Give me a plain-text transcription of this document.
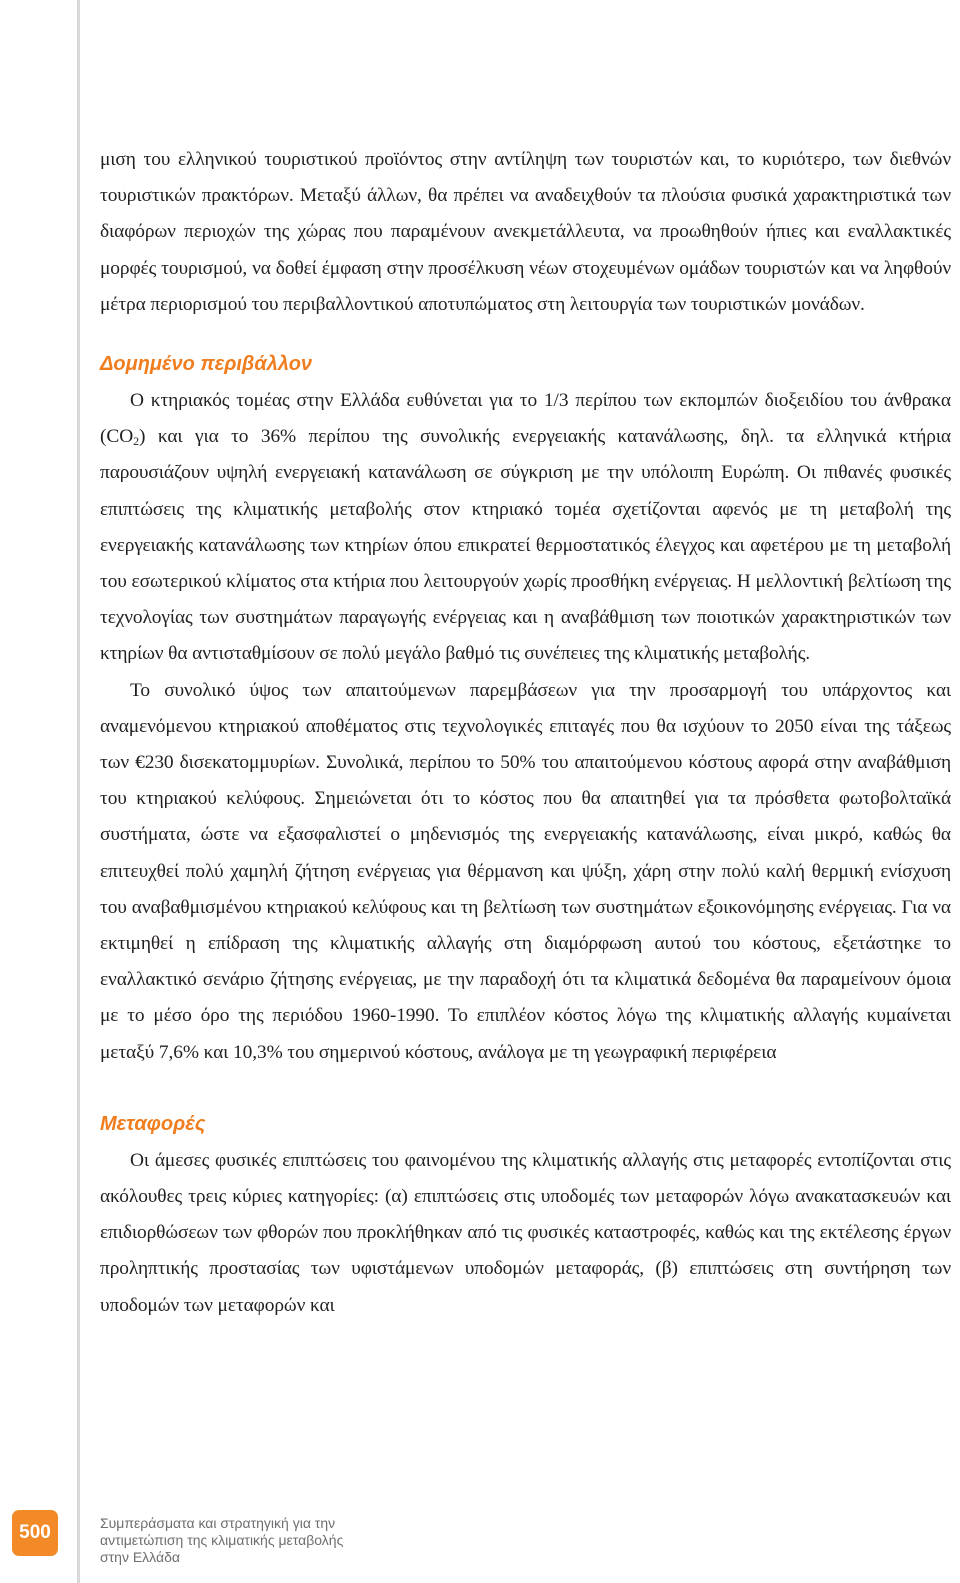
μιση του ελληνικού τουριστικού προϊόντος στην αντίληψη των τουριστών και, το κυριότερο, των διεθνών τουριστικών πρακτόρων. Μεταξύ άλλων, θα πρέπει να αναδειχθούν τα πλούσια φυσικά χαρακτηριστικά των διαφόρων περιοχών της χώρας που παραμένουν ανεκμετάλλευτα, να προωθηθούν ήπιες και εναλλακτικές μορφές τουρισμού, να δοθεί έμφαση στην προσέλκυση νέων στοχευμένων ομάδων τουριστών και να ληφθούν μέτρα περιορισμού του περιβαλλοντικού αποτυπώματος στη λειτουργία των τουριστικών μονάδων.

Δομημένο περιβάλλον

Ο κτηριακός τομέας στην Ελλάδα ευθύνεται για το 1/3 περίπου των εκπομπών διοξειδίου του άνθρακα $(CO_2)$ και για το 36% περίπου της συνολικής ενεργειακής κατανάλωσης, δηλ. τα ελληνικά κτήρια παρουσιάζουν υψηλή ενεργειακή κατανάλωση σε σύγκριση με την υπόλοιπη Ευρώπη. Οι πιθανές φυσικές επιπτώσεις της κλιματικής μεταβολής στον κτηριακό τομέα σχετίζονται αφενός με τη μεταβολή της ενεργειακής κατανάλωσης των κτηρίων όπου επικρατεί θερμοστατικός έλεγχος και αφετέρου με τη μεταβολή του εσωτερικού κλίματος στα κτήρια που λειτουργούν χωρίς προσθήκη ενέργειας. Η μελλοντική βελτίωση της τεχνολογίας των συστημάτων παραγωγής ενέργειας και η αναβάθμιση των ποιοτικών χαρακτηριστικών των κτηρίων θα αντισταθμίσουν σε πολύ μεγάλο βαθμό τις συνέπειες της κλιματικής μεταβολής.

Το συνολικό ύψος των απαιτούμενων παρεμβάσεων για την προσαρμογή του υπάρχοντος και αναμενόμενου κτηριακού αποθέματος στις τεχνολογικές επιταγές που θα ισχύουν το 2050 είναι της τάξεως των €230 δισεκατομμυρίων. Συνολικά, περίπου το 50% του απαιτούμενου κόστους αφορά στην αναβάθμιση του κτηριακού κελύφους. Σημειώνεται ότι το κόστος που θα απαιτηθεί για τα πρόσθετα φωτοβολταϊκά συστήματα, ώστε να εξασφαλιστεί ο μηδενισμός της ενεργειακής κατανάλωσης, είναι μικρό, καθώς θα επιτευχθεί πολύ χαμηλή ζήτηση ενέργειας για θέρμανση και ψύξη, χάρη στην πολύ καλή θερμική ενίσχυση του αναβαθμισμένου κτηριακού κελύφους και τη βελτίωση των συστημάτων εξοικονόμησης ενέργειας. Για να εκτιμηθεί η επίδραση της κλιματικής αλλαγής στη διαμόρφωση αυτού του κόστους, εξετάστηκε το εναλλακτικό σενάριο ζήτησης ενέργειας, με την παραδοχή ότι τα κλιματικά δεδομένα θα παραμείνουν όμοια με το μέσο όρο της περιόδου 1960-1990. Το επιπλέον κόστος λόγω της κλιματικής αλλαγής κυμαίνεται μεταξύ 7,6% και 10,3% του σημερινού κόστους, ανάλογα με τη γεωγραφική περιφέρεια

Μεταφορές

Οι άμεσες φυσικές επιπτώσεις του φαινομένου της κλιματικής αλλαγής στις μεταφορές εντοπίζονται στις ακόλουθες τρεις κύριες κατηγορίες: (α) επιπτώσεις στις υποδομές των μεταφορών λόγω ανακατασκευών και επιδιορθώσεων των φθορών που προκλήθηκαν από τις φυσικές καταστροφές, καθώς και της εκτέλεσης έργων προληπτικής προστασίας των υφιστάμενων υποδομών μεταφοράς, (β) επιπτώσεις στη συντήρηση των υποδομών των μεταφορών και

500	Συμπεράσματα και στρατηγική για την
αντιμετώπιση της κλιματικής μεταβολής
στην Ελλάδα
